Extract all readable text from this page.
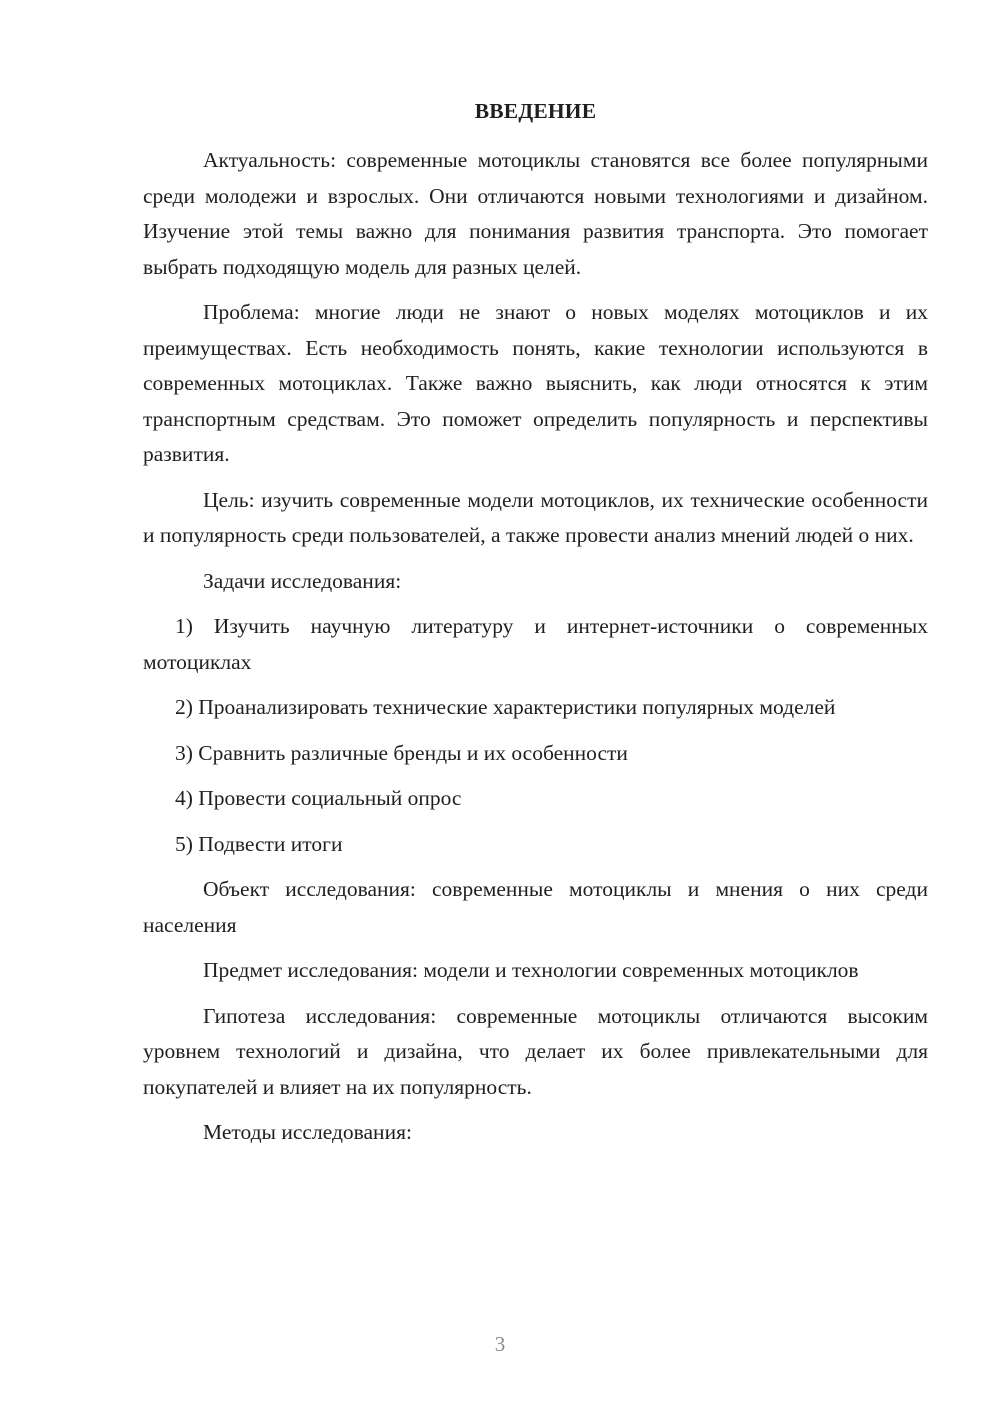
ВВЕДЕНИЕ

Актуальность: современные мотоциклы становятся все более популярными среди молодежи и взрослых. Они отличаются новыми технологиями и дизайном. Изучение этой темы важно для понимания развития транспорта. Это помогает выбрать подходящую модель для разных целей.

Проблема: многие люди не знают о новых моделях мотоциклов и их преимуществах. Есть необходимость понять, какие технологии используются в современных мотоциклах. Также важно выяснить, как люди относятся к этим транспортным средствам. Это поможет определить популярность и перспективы развития.

Цель: изучить современные модели мотоциклов, их технические особенности и популярность среди пользователей, а также провести анализ мнений людей о них.

Задачи исследования:

1) Изучить научную литературу и интернет-источники о современных мотоциклах

2) Проанализировать технические характеристики популярных моделей

3) Сравнить различные бренды и их особенности

4) Провести социальный опрос

5) Подвести итоги

Объект исследования: современные мотоциклы и мнения о них среди населения

Предмет исследования: модели и технологии современных мотоциклов

Гипотеза исследования: современные мотоциклы отличаются высоким уровнем технологий и дизайна, что делает их более привлекательными для покупателей и влияет на их популярность.

Методы исследования:

3
